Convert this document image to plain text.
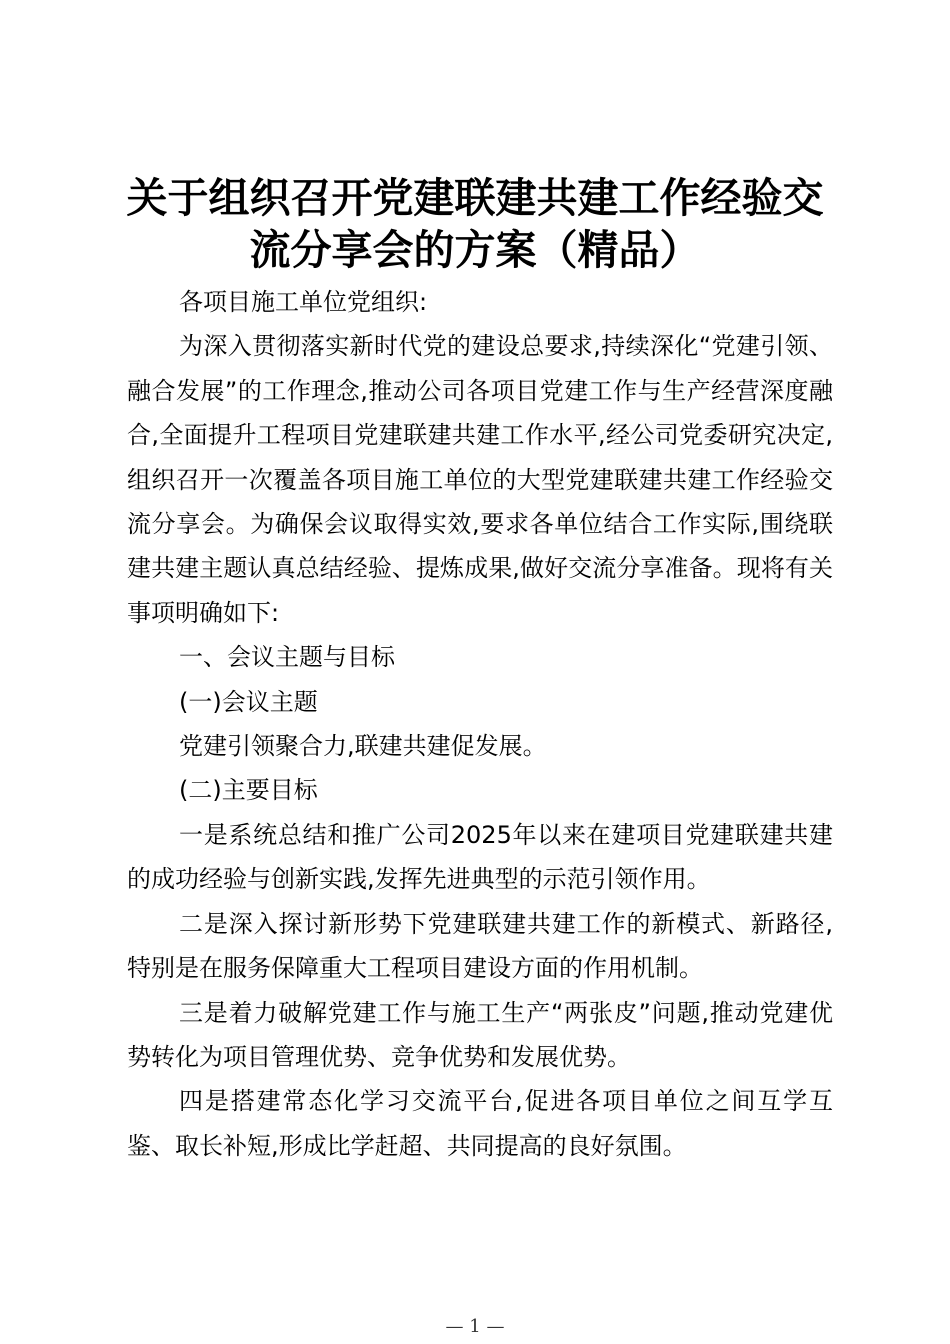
关于组织召开党建联建共建工作经验交
流分享会的方案（精品）

各项目施工单位党组织:

为深入贯彻落实新时代党的建设总要求,持续深化“党建引领、融合发展”的工作理念,推动公司各项目党建工作与生产经营深度融合,全面提升工程项目党建联建共建工作水平,经公司党委研究决定,组织召开一次覆盖各项目施工单位的大型党建联建共建工作经验交流分享会。为确保会议取得实效,要求各单位结合工作实际,围绕联建共建主题认真总结经验、提炼成果,做好交流分享准备。现将有关事项明确如下:

一、会议主题与目标

(一)会议主题

党建引领聚合力,联建共建促发展。

(二)主要目标

一是系统总结和推广公司2025年以来在建项目党建联建共建的成功经验与创新实践,发挥先进典型的示范引领作用。

二是深入探讨新形势下党建联建共建工作的新模式、新路径,特别是在服务保障重大工程项目建设方面的作用机制。

三是着力破解党建工作与施工生产“两张皮”问题,推动党建优势转化为项目管理优势、竞争优势和发展优势。

四是搭建常态化学习交流平台,促进各项目单位之间互学互鉴、取长补短,形成比学赶超、共同提高的良好氛围。

— 1 —
